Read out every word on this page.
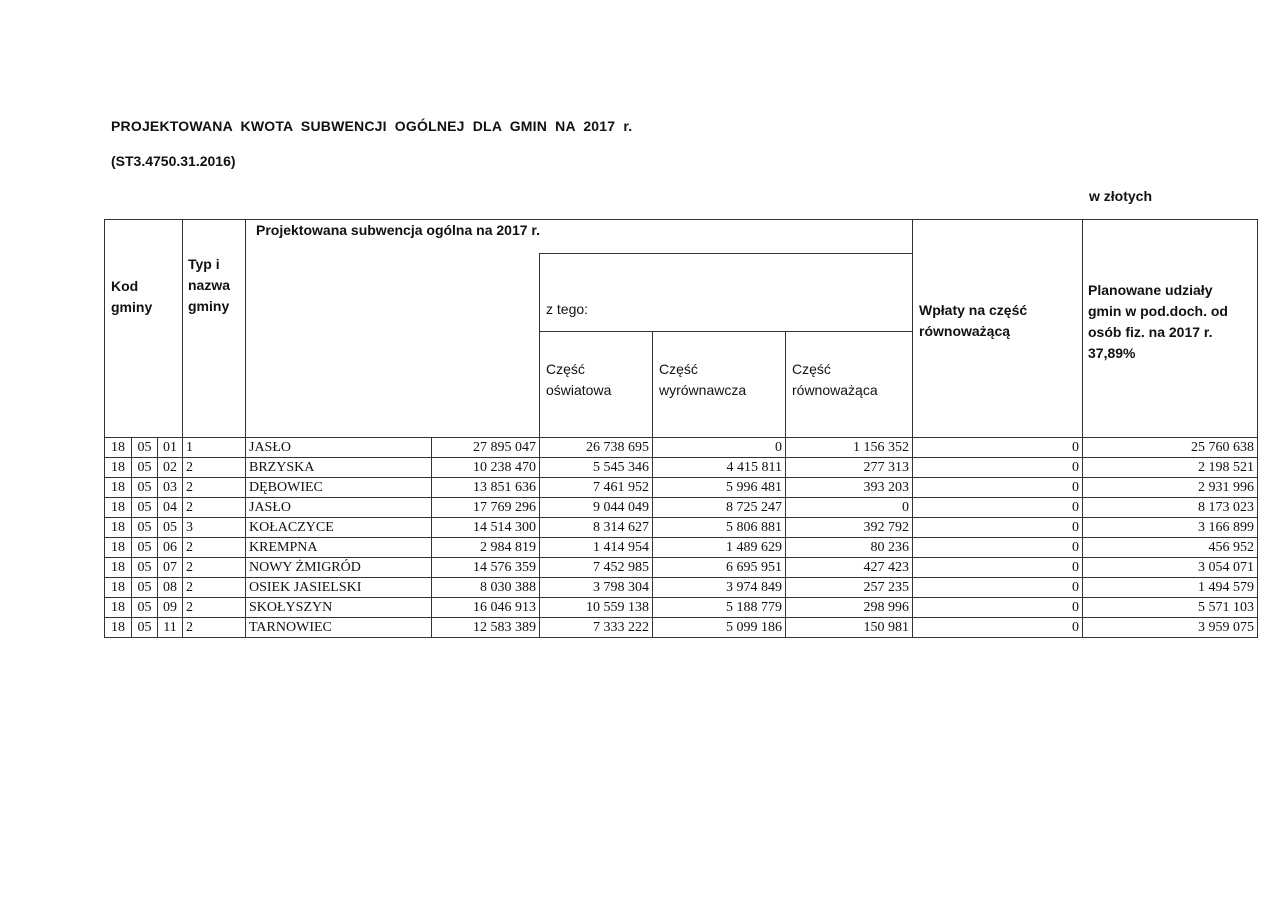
PROJEKTOWANA KWOTA SUBWENCJI OGÓLNEJ DLA GMIN NA 2017 r.
(ST3.4750.31.2016)
w złotych
Kod
gminy
Typ i
nazwa
gminy
Projektowana subwencja ogólna na 2017 r.
z tego:
Część
oświatowa
Część
wyrównawcza
Część
równoważąca
Wpłaty na część
równoważącą
Planowane udziały
gmin w pod.doch. od
osób fiz. na 2017 r.
37,89%
18	05	01	1	JASŁO	27 895 047	26 738 695	0	1 156 352	0	25 760 638
18	05	02	2	BRZYSKA	10 238 470	5 545 346	4 415 811	277 313	0	2 198 521
18	05	03	2	DĘBOWIEC	13 851 636	7 461 952	5 996 481	393 203	0	2 931 996
18	05	04	2	JASŁO	17 769 296	9 044 049	8 725 247	0	0	8 173 023
18	05	05	3	KOŁACZYCE	14 514 300	8 314 627	5 806 881	392 792	0	3 166 899
18	05	06	2	KREMPNA	2 984 819	1 414 954	1 489 629	80 236	0	456 952
18	05	07	2	NOWY ŻMIGRÓD	14 576 359	7 452 985	6 695 951	427 423	0	3 054 071
18	05	08	2	OSIEK JASIELSKI	8 030 388	3 798 304	3 974 849	257 235	0	1 494 579
18	05	09	2	SKOŁYSZYN	16 046 913	10 559 138	5 188 779	298 996	0	5 571 103
18	05	11	2	TARNOWIEC	12 583 389	7 333 222	5 099 186	150 981	0	3 959 075
